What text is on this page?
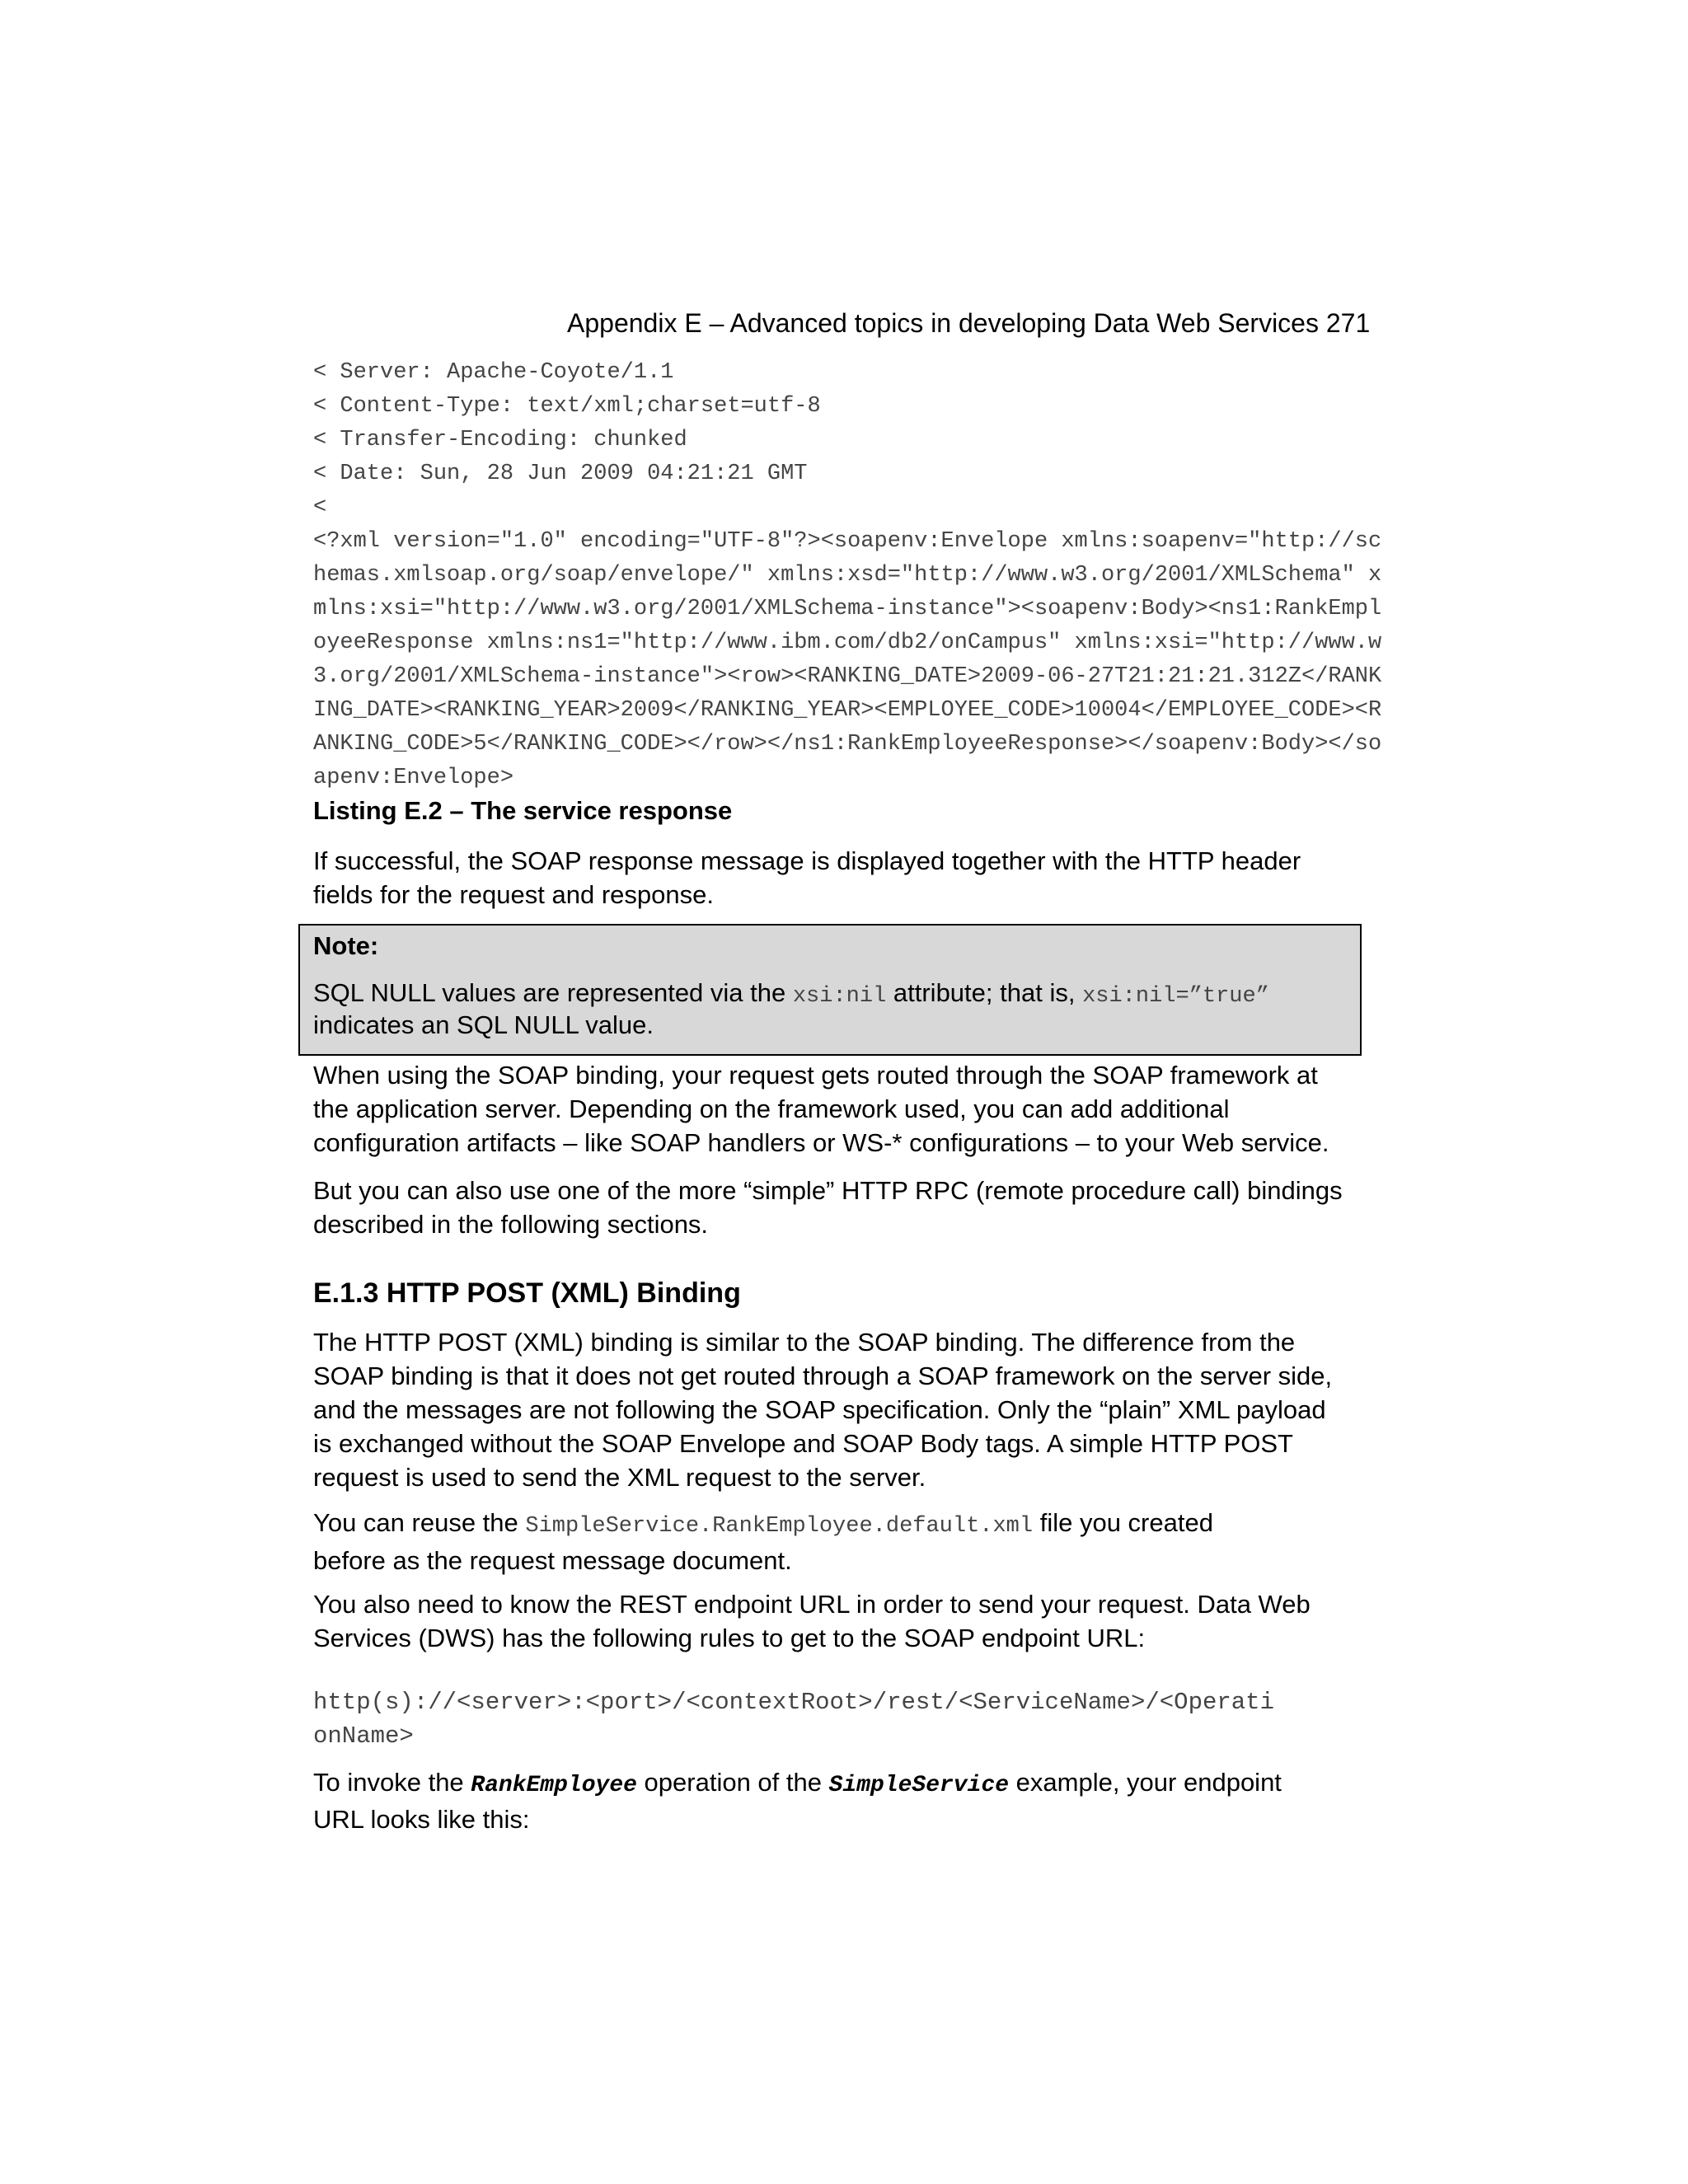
Appendix E – Advanced topics in developing Data Web Services 271
< Server: Apache-Coyote/1.1
< Content-Type: text/xml;charset=utf-8
< Transfer-Encoding: chunked
< Date: Sun, 28 Jun 2009 04:21:21 GMT
<
<?xml version="1.0" encoding="UTF-8"?><soapenv:Envelope xmlns:soapenv="http://sc
hemas.xmlsoap.org/soap/envelope/" xmlns:xsd="http://www.w3.org/2001/XMLSchema" x
mlns:xsi="http://www.w3.org/2001/XMLSchema-instance"><soapenv:Body><ns1:RankEmpl
oyeeResponse xmlns:ns1="http://www.ibm.com/db2/onCampus" xmlns:xsi="http://www.w
3.org/2001/XMLSchema-instance"><row><RANKING_DATE>2009-06-27T21:21:21.312Z</RANK
ING_DATE><RANKING_YEAR>2009</RANKING_YEAR><EMPLOYEE_CODE>10004</EMPLOYEE_CODE><R
ANKING_CODE>5</RANKING_CODE></row></ns1:RankEmployeeResponse></soapenv:Body></so
apenv:Envelope>
Listing E.2 – The service response
If successful, the SOAP response message is displayed together with the HTTP header
fields for the request and response.
Note:
SQL NULL values are represented via the xsi:nil attribute; that is, xsi:nil=”true”
indicates an SQL NULL value.
When using the SOAP binding, your request gets routed through the SOAP framework at
the application server. Depending on the framework used, you can add additional
configuration artifacts – like SOAP handlers or WS-* configurations – to your Web service.
But you can also use one of the more “simple” HTTP RPC (remote procedure call) bindings
described in the following sections.
E.1.3 HTTP POST (XML) Binding
The HTTP POST (XML) binding is similar to the SOAP binding. The difference from the
SOAP binding is that it does not get routed through a SOAP framework on the server side,
and the messages are not following the SOAP specification. Only the “plain” XML payload
is exchanged without the SOAP Envelope and SOAP Body tags. A simple HTTP POST
request is used to send the XML request to the server.
You can reuse the SimpleService.RankEmployee.default.xml file you created
before as the request message document.
You also need to know the REST endpoint URL in order to send your request. Data Web
Services (DWS) has the following rules to get to the SOAP endpoint URL:
http(s)://<server>:<port>/<contextRoot>/rest/<ServiceName>/<Operati
onName>
To invoke the RankEmployee operation of the SimpleService example, your endpoint
URL looks like this:
